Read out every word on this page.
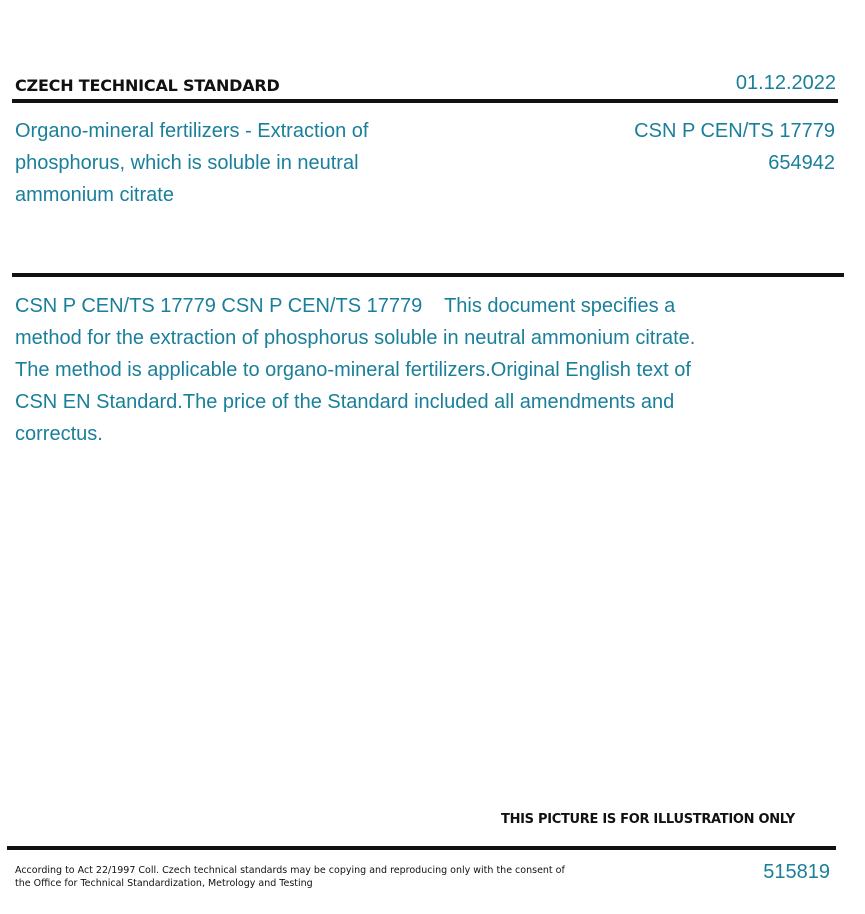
CZECH TECHNICAL STANDARD	01.12.2022
Organo-mineral fertilizers - Extraction of phosphorus, which is soluble in neutral ammonium citrate
CSN P CEN/TS 17779
654942
CSN P CEN/TS 17779 CSN P CEN/TS 17779    This document specifies a method for the extraction of phosphorus soluble in neutral ammonium citrate.   The method is applicable to organo-mineral fertilizers.Original English text of CSN EN Standard.The price of the Standard included all amendments and correctus.
THIS PICTURE IS FOR ILLUSTRATION ONLY
According to Act 22/1997 Coll. Czech technical standards may be copying and reproducing only with the consent of the Office for Technical Standardization, Metrology and Testing
515819
